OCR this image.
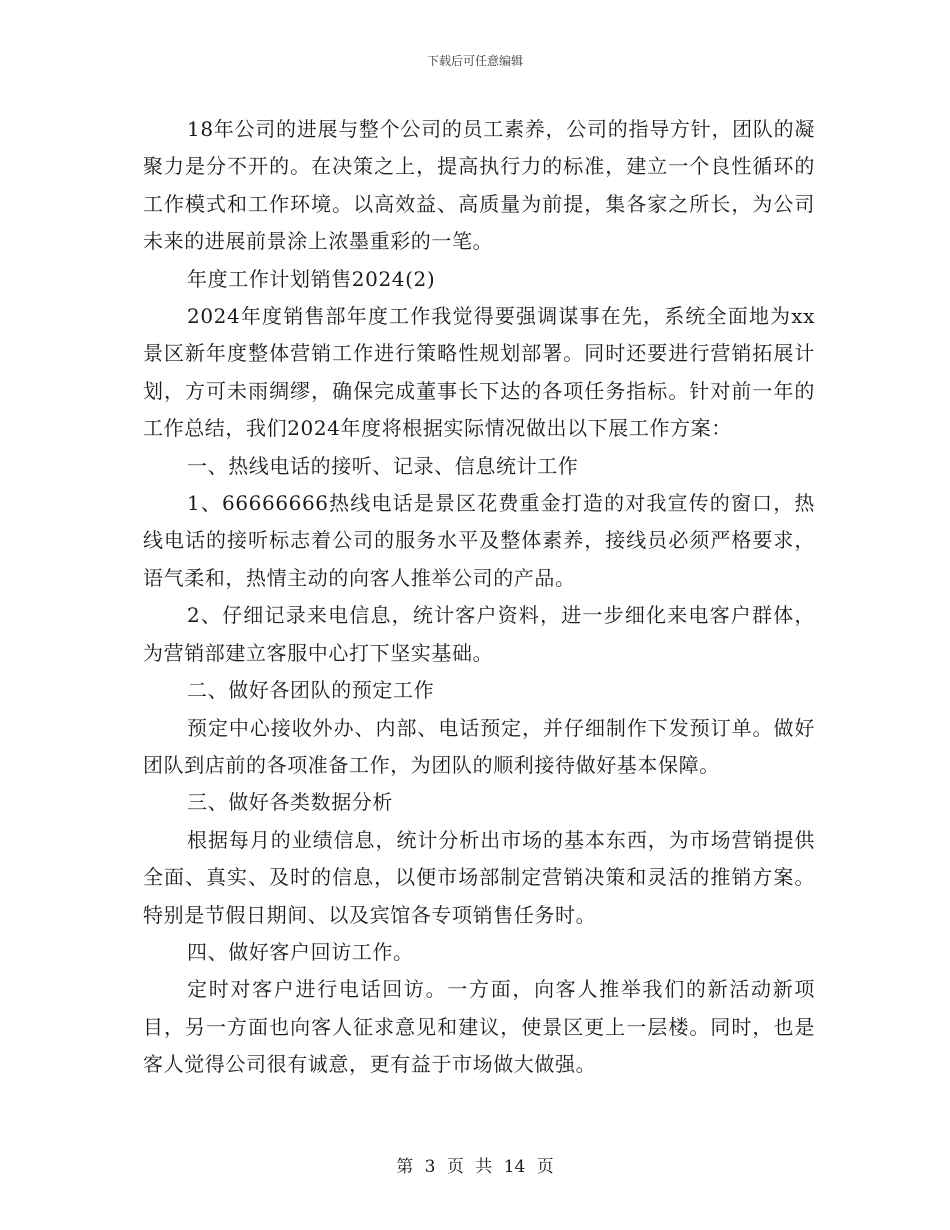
下载后可任意编辑

18年公司的进展与整个公司的员工素养，公司的指导方针，团队的凝聚力是分不开的。在决策之上，提高执行力的标准，建立一个良性循环的工作模式和工作环境。以高效益、高质量为前提，集各家之所长，为公司未来的进展前景涂上浓墨重彩的一笔。

年度工作计划销售2024(2)

2024年度销售部年度工作我觉得要强调谋事在先，系统全面地为xx景区新年度整体营销工作进行策略性规划部署。同时还要进行营销拓展计划，方可未雨绸缪，确保完成董事长下达的各项任务指标。针对前一年的工作总结，我们2024年度将根据实际情况做出以下展工作方案：

一、热线电话的接听、记录、信息统计工作

1、66666666热线电话是景区花费重金打造的对我宣传的窗口，热线电话的接听标志着公司的服务水平及整体素养，接线员必须严格要求，语气柔和，热情主动的向客人推举公司的产品。

2、仔细记录来电信息，统计客户资料，进一步细化来电客户群体，为营销部建立客服中心打下坚实基础。

二、做好各团队的预定工作

预定中心接收外办、内部、电话预定，并仔细制作下发预订单。做好团队到店前的各项准备工作，为团队的顺利接待做好基本保障。

三、做好各类数据分析

根据每月的业绩信息，统计分析出市场的基本东西，为市场营销提供全面、真实、及时的信息，以便市场部制定营销决策和灵活的推销方案。特别是节假日期间、以及宾馆各专项销售任务时。

四、做好客户回访工作。

定时对客户进行电话回访。一方面，向客人推举我们的新活动新项目，另一方面也向客人征求意见和建议，使景区更上一层楼。同时，也是客人觉得公司很有诚意，更有益于市场做大做强。

第 3 页 共 14 页
